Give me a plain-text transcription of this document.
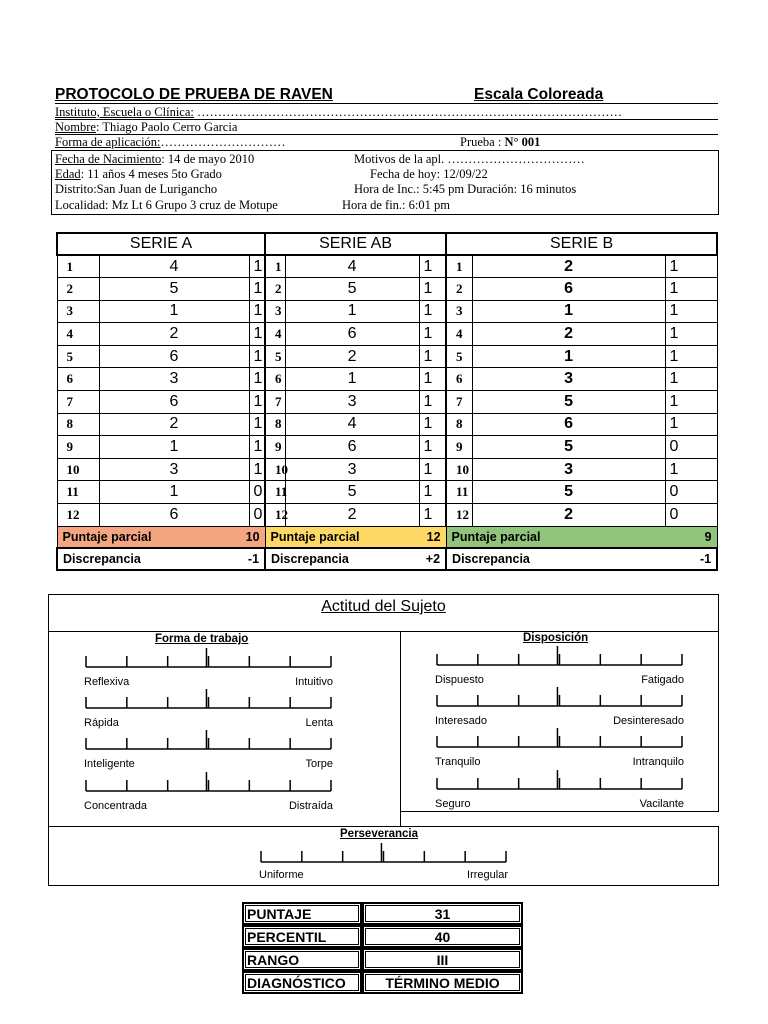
PROTOCOLO DE PRUEBA DE RAVEN	Escala Coloreada
Instituto, Escuela o Clínica: …………………………………………………………………………………………
Nombre: Thiago Paolo Cerro Garcia
Forma de aplicación:…………………………	Prueba : N° 001
Fecha de Nacimiento: 14 de mayo 2010	Motivos de la apl. ……………………………
Edad: 11 años 4 meses 5to Grado	Fecha de hoy: 12/09/22
Distrito:San Juan de Lurigancho	Hora de Inc.: 5:45 pm Duración: 16 minutos
Localidad: Mz Lt 6 Grupo 3 cruz de Motupe	Hora de fin.: 6:01 pm
SERIE A			SERIE AB			SERIE B		
1	4	1	1	4	1	1	2	1
2	5	1	2	5	1	2	6	1
3	1	1	3	1	1	3	1	1
4	2	1	4	6	1	4	2	1
5	6	1	5	2	1	5	1	1
6	3	1	6	1	1	6	3	1
7	6	1	7	3	1	7	5	1
8	2	1	8	4	1	8	6	1
9	1	1	9	6	1	9	5	0
10	3	1	10	3	1	10	3	1
11	1	0	11	5	1	11	5	0
12	6	0	12	2	1	12	2	0

Puntaje parcial 10			Puntaje parcial 12			Puntaje parcial 9		

Discrepancia -1			Discrepancia +2			Discrepancia -1		
Actitud del Sujeto
Forma de trabajo	Disposición
Perseverancia
Reflexiva	Intuitivo
Rápida	Lenta
Inteligente	Torpe
Concentrada	Distraída
Dispuesto	Fatigado
Interesado	Desinteresado
Tranquilo	Intranquilo
Seguro	Vacilante
Uniforme	Irregular
PUNTAJE	31
PERCENTIL	40
RANGO	III
DIAGNÓSTICO	TÉRMINO MEDIO
